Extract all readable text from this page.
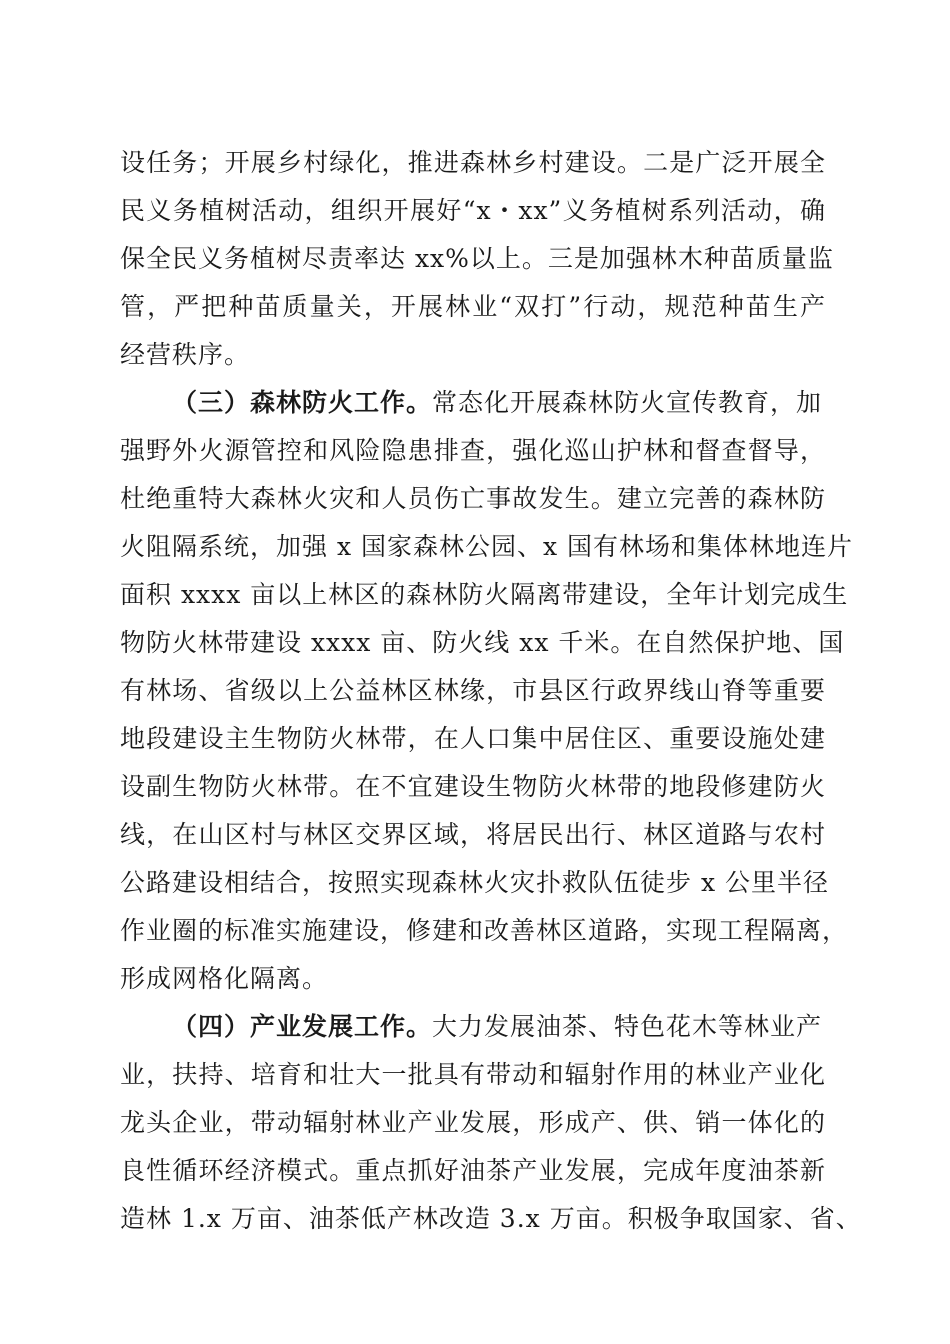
设任务；开展乡村绿化，推进森林乡村建设。二是广泛开展全
民义务植树活动，组织开展好“x・xx”义务植树系列活动，确
保全民义务植树尽责率达 xx%以上。三是加强林木种苗质量监
管，严把种苗质量关，开展林业“双打”行动，规范种苗生产
经营秩序。
（三）森林防火工作。常态化开展森林防火宣传教育，加
强野外火源管控和风险隐患排查，强化巡山护林和督查督导，
杜绝重特大森林火灾和人员伤亡事故发生。建立完善的森林防
火阻隔系统，加强 x 国家森林公园、x 国有林场和集体林地连片
面积 xxxx 亩以上林区的森林防火隔离带建设，全年计划完成生
物防火林带建设 xxxx 亩、防火线 xx 千米。在自然保护地、国
有林场、省级以上公益林区林缘，市县区行政界线山脊等重要
地段建设主生物防火林带，在人口集中居住区、重要设施处建
设副生物防火林带。在不宜建设生物防火林带的地段修建防火
线，在山区村与林区交界区域，将居民出行、林区道路与农村
公路建设相结合，按照实现森林火灾扑救队伍徒步 x 公里半径
作业圈的标准实施建设，修建和改善林区道路，实现工程隔离，
形成网格化隔离。
（四）产业发展工作。大力发展油茶、特色花木等林业产
业，扶持、培育和壮大一批具有带动和辐射作用的林业产业化
龙头企业，带动辐射林业产业发展，形成产、供、销一体化的
良性循环经济模式。重点抓好油茶产业发展，完成年度油茶新
造林 1.x 万亩、油茶低产林改造 3.x 万亩。积极争取国家、省、
